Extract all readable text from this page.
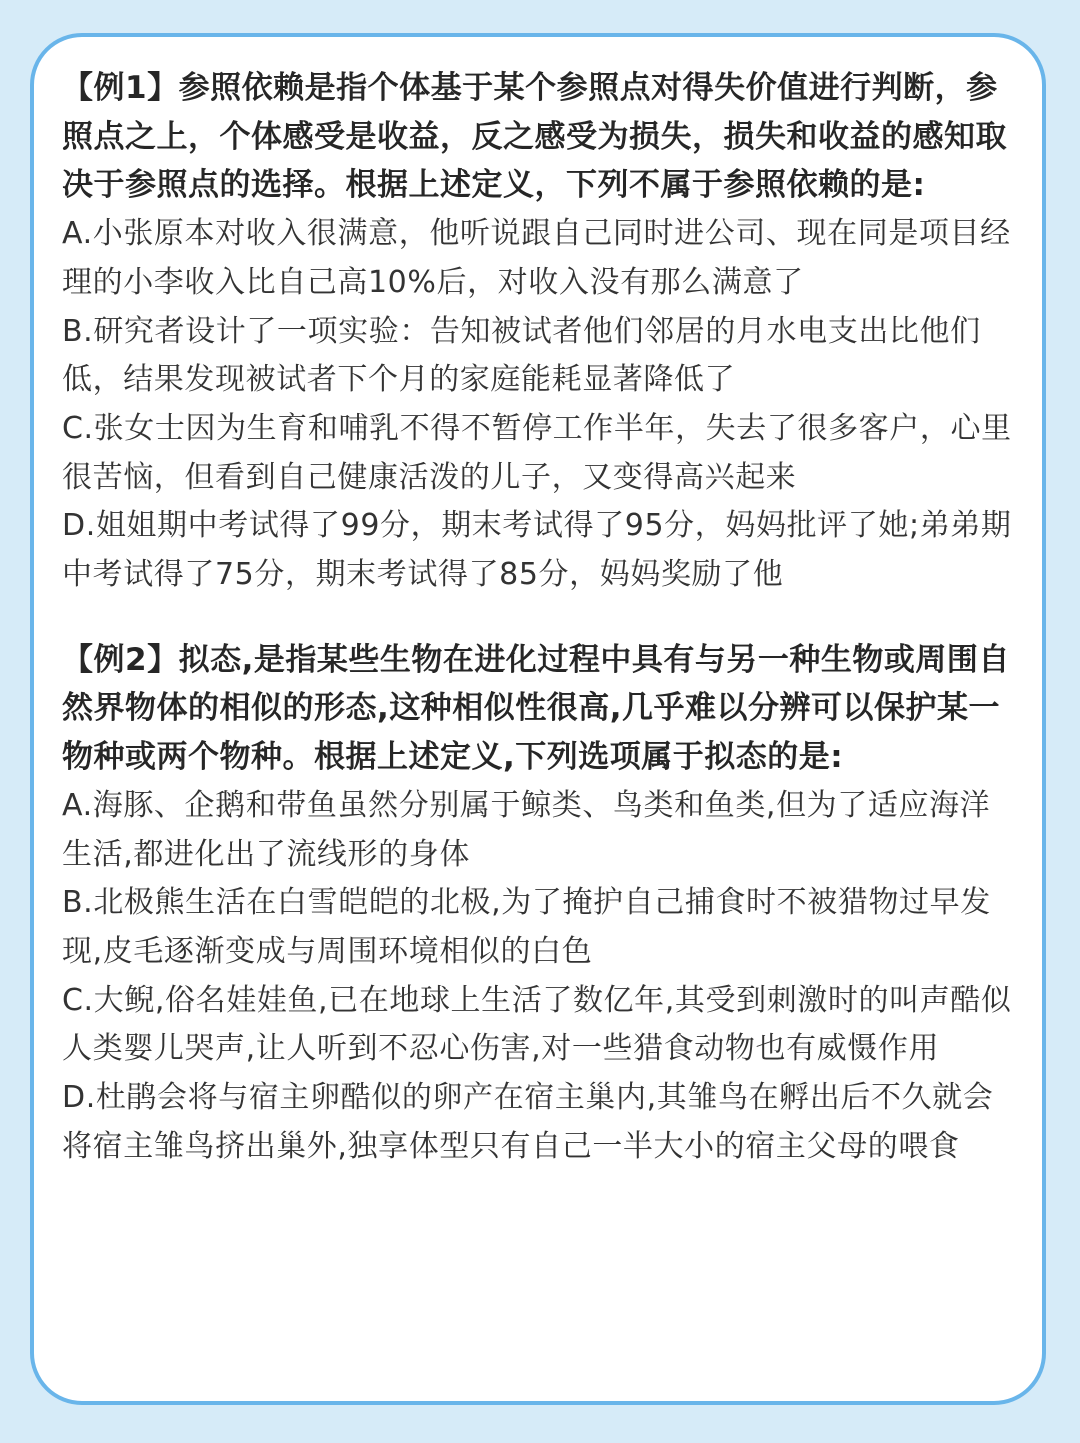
【例1】参照依赖是指个体基于某个参照点对得失价值进行判断，参照点之上，个体感受是收益，反之感受为损失，损失和收益的感知取决于参照点的选择。根据上述定义，下列不属于参照依赖的是:

A.小张原本对收入很满意，他听说跟自己同时进公司、现在同是项目经理的小李收入比自己高10%后，对收入没有那么满意了

B.研究者设计了一项实验：告知被试者他们邻居的月水电支出比他们低，结果发现被试者下个月的家庭能耗显著降低了

C.张女士因为生育和哺乳不得不暂停工作半年，失去了很多客户，心里很苦恼，但看到自己健康活泼的儿子，又变得高兴起来

D.姐姐期中考试得了99分，期末考试得了95分，妈妈批评了她;弟弟期中考试得了75分，期末考试得了85分，妈妈奖励了他

【例2】拟态,是指某些生物在进化过程中具有与另一种生物或周围自然界物体的相似的形态,这种相似性很高,几乎难以分辨可以保护某一物种或两个物种。根据上述定义,下列选项属于拟态的是:

A.海豚、企鹅和带鱼虽然分别属于鲸类、鸟类和鱼类,但为了适应海洋生活,都进化出了流线形的身体

B.北极熊生活在白雪皑皑的北极,为了掩护自己捕食时不被猎物过早发现,皮毛逐渐变成与周围环境相似的白色

C.大鲵,俗名娃娃鱼,已在地球上生活了数亿年,其受到刺激时的叫声酷似人类婴儿哭声,让人听到不忍心伤害,对一些猎食动物也有威慑作用

D.杜鹃会将与宿主卵酷似的卵产在宿主巢内,其雏鸟在孵出后不久就会将宿主雏鸟挤出巢外,独享体型只有自己一半大小的宿主父母的喂食
